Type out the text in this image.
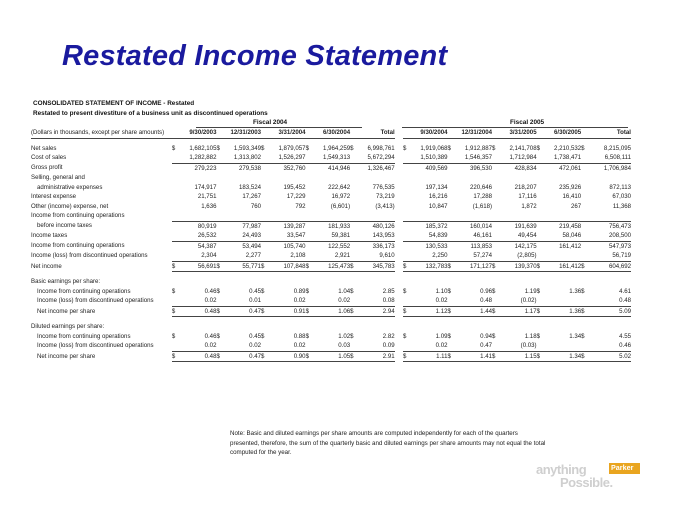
Restated Income Statement
CONSOLIDATED STATEMENT OF INCOME - Restated
Restated to present divestiture of a business unit as discontinued operations
Fiscal 2004	Fiscal 2005
(Dollars in thousands, except per share amounts)	9/30/2003		12/31/2003		3/31/2004		6/30/2004		Total			9/30/2004		12/31/2004		3/31/2005		6/30/2005		Total	

Net sales	$	1,682,105	$	1,593,349	$	1,879,057	$	1,964,259	$	6,998,761		$	1,919,068	$	1,912,887	$	2,141,708	$	2,210,532	$	8,215,095
Cost of sales		1,282,882		1,313,802		1,526,297		1,549,313		5,672,294			1,510,389		1,546,357		1,712,984		1,738,471		6,508,111
Gross profit		279,223		279,538		352,760		414,946		1,326,467			409,569		396,530		428,834		472,061		1,706,984
Selling, general and																					
administrative expenses		174,917		183,524		195,452		222,642		776,535			197,134		220,646		218,207		235,926		872,113
Interest expense		21,751		17,267		17,229		16,972		73,219			16,216		17,288		17,116		16,410		67,030
Other (income) expense, net		1,636		760		792		(6,601)		(3,413)			10,847		(1,618)		1,872		267		11,368
Income from continuing operations																					
before income taxes		80,919		77,987		139,287		181,933		480,126			185,372		160,014		191,639		219,458		756,473
Income taxes		26,532		24,493		33,547		59,381		143,953			54,839		46,161		49,454		58,046		208,500
Income from continuing operations		54,387		53,494		105,740		122,552		336,173			130,533		113,853		142,175		161,412		547,973
Income (loss) from discontinued operations		2,304		2,277		2,108		2,921		9,610			2,250		57,274		(2,805)				56,719
Net income	$	56,691	$	55,771	$	107,848	$	125,473	$	345,783		$	132,783	$	171,127	$	139,370	$	161,412	$	604,692

Basic earnings per share:																					
Income from continuing operations	$	0.46	$	0.45	$	0.89	$	1.04	$	2.85		$	1.10	$	0.96	$	1.19	$	1.36	$	4.61
Income (loss) from discontinued operations		0.02		0.01		0.02		0.02		0.08			0.02		0.48		(0.02)				0.48
Net income per share	$	0.48	$	0.47	$	0.91	$	1.06	$	2.94		$	1.12	$	1.44	$	1.17	$	1.36	$	5.09

Diluted earnings per share:																					
Income from continuing operations	$	0.46	$	0.45	$	0.88	$	1.02	$	2.82		$	1.09	$	0.94	$	1.18	$	1.34	$	4.55
Income (loss) from discontinued operations		0.02		0.02		0.02		0.03		0.09			0.02		0.47		(0.03)				0.46
Net income per share	$	0.48	$	0.47	$	0.90	$	1.05	$	2.91		$	1.11	$	1.41	$	1.15	$	1.34	$	5.02
Note: Basic and diluted earnings per share amounts are computed independently for each of the quarters
presented, therefore, the sum of the quarterly basic and diluted earnings per share amounts may not equal the total
computed for the year.
anything	Parker
Possible.
